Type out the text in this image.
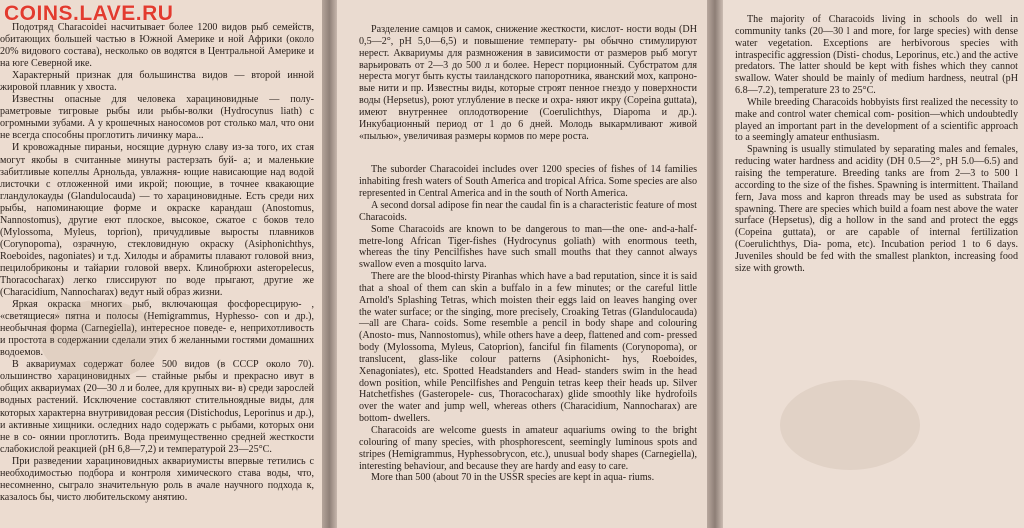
Подотряд Characoidei насчитывает более 1200 видов рыб семейств, обитающих большей частью в Южной Америке и ной Африки (около 20% видового состава), несколько ов водятся в Центральной Америке и на юге Северной ике.

Характерный признак для большинства видов — второй инной жировой плавник у хвоста.

Известны опасные для человека харациновидные — полу- раметровые тигровые рыбы или рыбы-волки (Hydrocynus liath) с огромными зубами. А у крошечных наносомов рот столько мал, что они не всегда способны проглотить личинку мара...

И кровожадные пираньи, носящие дурную славу из-за того, их стая могут якобы в считанные минуты растерзать буй- а; и маленькие забитливые копеллы Арнольда, увлажня- ющие нависающие над водой листочки с отложенной ими икрой; поющие, в точнее квакающие гландулокауды (Glandulocauda) — то харациновидные. Есть среди них рыбы, напоминающие форме и окраске карандаш (Anostomus, Nannostomus), другие еют плоское, высокое, сжатое с боков тело (Mylossoma, Myleus, toprion), причудливые выросты плавников (Corynopoma), озрачную, стекловидную окраску (Asiphonichthys, Roeboides, nagoniates) и т.д. Хилоды и абрамиты плавают головой вниз, пецилобриконы и тайарии головой вверх. Клинобрюхи asteropelecus, Thoracocharax) легко глиссируют по воде прыгают, другие же (Characidium, Nannocharax) ведут ный образ жизни.

Яркая окраска многих рыб, включающая фосфоресцирую- , «светящиеся» пятна и полосы (Hemigrammus, Hyphesso- con и др.), необычная форма (Carnegiella), интересное поведе- е, неприхотливость и простота в содержании сделали этих б желанными гостями домашних водоемов.

В аквариумах содержат более 500 видов (в СССР около 70). ольшинство харациновидных — стайные рыбы и прекрасно ивут в общих аквариумах (20—30 л и более, для крупных ви- в) среди зарослей водных растений. Исключение составляют стительноядные виды, для которых характерна внутривидовая рессия (Distichodus, Leporinus и др.), и активные хищники. оследних надо содержать с рыбами, которых они не в со- оянии проглотить. Вода преимущественно средней жесткости слабокислой реакцией (рН 6,8—7,2) и температурой 23—25°С.

При разведении харациновидных аквариумисты впервые тетились с необходимостью подбора и контроля химического става воды, что, несомненно, сыграло значительную роль в ачале научного подхода к, казалось бы, чисто любительскому анятию.

Разделение самцов и самок, снижение жесткости, кислот- ности воды (DH 0,5—2°, pH 5,0—6,5) и повышение температу- ры обычно стимулируют нерест. Аквариумы для размножения в зависимости от размеров рыб могут варьировать от 2—3 до 500 л и более. Нерест порционный. Субстратом для нереста могут быть кусты таиландского папоротника, яванский мох, капроно- вые нити и пр. Известны виды, которые строят пенное гнездо у поверхности воды (Hepsetus), роют углубление в песке и охра- няют икру (Copeina guttata), имеют внутреннее оплодотворение (Coerulichthys, Diapoma и др.). Инкубационный период от 1 до 6 дней. Молодь выкармливают живой «пылью», увеличивая размеры кормов по мере роста.

The suborder Characoidei includes over 1200 species of fishes of 14 families inhabiting fresh waters of South America and tropical Africa. Some species are also represented in Central America and in the south of North America.

A second dorsal adipose fin near the caudal fin is a characteristic feature of most Characoids.

Some Characoids are known to be dangerous to man—the one- and-a-half-metre-long African Tiger-fishes (Hydrocynus goliath) with enormous teeth, whereas the tiny Pencilfishes have such small mouths that they cannot always swallow even a mosquito larva.

There are the blood-thirsty Piranhas which have a bad reputation, since it is said that a shoal of them can skin a buffalo in a few minutes; or the careful little Arnold's Splashing Tetras, which moisten their eggs laid on leaves hanging over the water surface; or the singing, more precisely, Croaking Tetras (Glandulocauda)—all are Chara- coids. Some resemble a pencil in body shape and colouring (Anosto- mus, Nannostomus), while others have a deep, flattened and com- pressed body (Mylossoma, Myleus, Catoprion), fanciful fin filaments (Corynopoma), or translucent, glass-like colour patterns (Asiphonicht- hys, Roeboides, Xenagoniates), etc. Spotted Headstanders and Head- standers swim in the head down position, while Pencilfishes and Penguin tetras keep their heads up. Silver Hatchetfishes (Gasteropele- cus, Thoracocharax) glide smoothly like hydrofoils over the water and jump well, whereas others (Characidium, Nannocharax) are bottom- dwellers.

Characoids are welcome guests in amateur aquariums owing to the bright colouring of many species, with phosphorescent, seemingly luminous spots and stripes (Hemigrammus, Hyphessobrycon, etc.), unusual body shapes (Carnegiella), interesting behaviour, and because they are hardy and easy to care.

More than 500 (about 70 in the USSR species are kept in aqua- riums.

The majority of Characoids living in schools do well in community tanks (20—30 l and more, for large species) with dense water vegetation. Exceptions are herbivorous species with intraspecific aggression (Disti- chodus, Leporinus, etc.) and the active predators. The latter should be kept with fishes which they cannot swallow. Water should be mainly of medium hardness, neutral (pH 6.8—7.2), temperature 23 to 25°C.

While breeding Characoids hobbyists first realized the necessity to make and control water chemical com- position—which undoubtedly played an important part in the development of a scientific approach to a seemingly amateur enthusiasm.

Spawning is usually stimulated by separating males and females, reducing water hardness and acidity (DH 0.5—2°, pH 5.0—6.5) and raising the temperature. Breeding tanks are from 2—3 to 500 l according to the size of the fishes. Spawning is intermittent. Thailand fern, Java moss and kapron threads may be used as substrata for spawning. There are species which build a foam nest above the water surface (Hepsetus), dig a hollow in the sand and protect the eggs (Copeina guttata), or are capable of internal fertilization (Coerulichthys, Dia- poma, etc). Incubation period 1 to 6 days. Juveniles should be fed with the smallest plankton, increasing food size with growth.

COINS.LAVE.RU
